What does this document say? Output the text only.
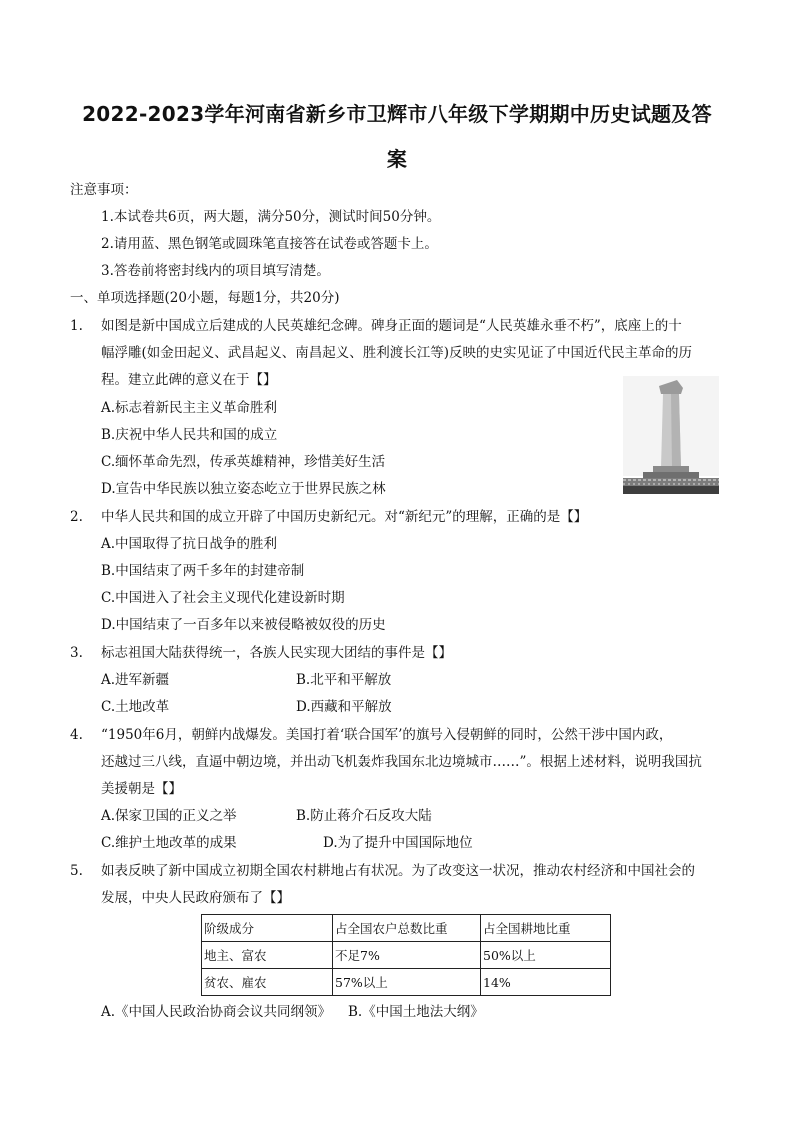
2022-2023学年河南省新乡市卫辉市八年级下学期期中历史试题及答
案
注意事项：
1.本试卷共6页，两大题，满分50分，测试时间50分钟。
2.请用蓝、黑色钢笔或圆珠笔直接答在试卷或答题卡上。
3.答卷前将密封线内的项目填写清楚。
一、单项选择题(20小题，每题1分，共20分)
1. 如图是新中国成立后建成的人民英雄纪念碑。碑身正面的题词是“人民英雄永垂不朽”，底座上的十
幅浮雕(如金田起义、武昌起义、南昌起义、胜利渡长江等)反映的史实见证了中国近代民主革命的历
程。建立此碑的意义在于【】
A.标志着新民主主义革命胜利
B.庆祝中华人民共和国的成立
C.缅怀革命先烈，传承英雄精神，珍惜美好生活
D.宣告中华民族以独立姿态屹立于世界民族之林
2. 中华人民共和国的成立开辟了中国历史新纪元。对“新纪元”的理解，正确的是【】
A.中国取得了抗日战争的胜利
B.中国结束了两千多年的封建帝制
C.中国进入了社会主义现代化建设新时期
D.中国结束了一百多年以来被侵略被奴役的历史
3. 标志祖国大陆获得统一，各族人民实现大团结的事件是【】
A.进军新疆	B.北平和平解放
C.土地改革	D.西藏和平解放
4. “1950年6月，朝鲜内战爆发。美国打着‘联合国军’的旗号入侵朝鲜的同时，公然干涉中国内政，
还越过三八线，直逼中朝边境，并出动飞机轰炸我国东北边境城市……”。根据上述材料，说明我国抗
美援朝是【】
A.保家卫国的正义之举	B.防止蒋介石反攻大陆
C.维护土地改革的成果	D.为了提升中国国际地位
5. 如表反映了新中国成立初期全国农村耕地占有状况。为了改变这一状况，推动农村经济和中国社会的
发展，中央人民政府颁布了【】
阶级成分	占全国农户总数比重	占全国耕地比重
地主、富农	不足7%	50%以上
贫农、雇农	57%以上	14%
A.《中国人民政治协商会议共同纲领》 B.《中国土地法大纲》
